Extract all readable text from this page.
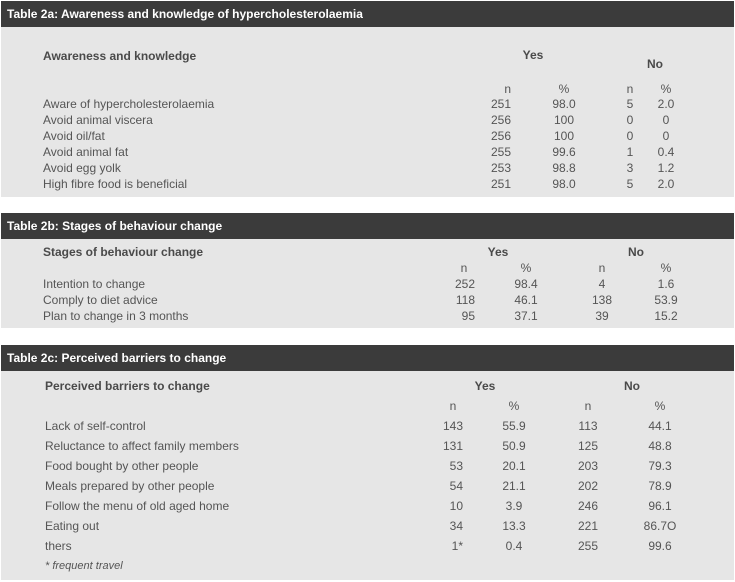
Table 2a: Awareness and knowledge of hypercholesterolaemia
Awareness and knowledge	Yes
No
n	%	n %
Aware of hypercholesterolaemia	251	98.0	5 2.0
Avoid animal viscera	256	100	0 0
Avoid oil/fat	256	100	0 0
Avoid animal fat	255	99.6	1 0.4
Avoid egg yolk	253	98.8	3 1.2
High fibre food is beneficial	251	98.0	5 2.0
Table 2b: Stages of behaviour change
Stages of behaviour change	Yes	No
n	%	n	%
Intention to change	252	98.4	4	1.6
Comply to diet advice	118	46.1	138	53.9
Plan to change in 3 months	95	37.1	39	15.2
Table 2c: Perceived barriers to change
Perceived barriers to change	Yes	No
n	%	n	%
Lack of self-control	143	55.9	113	44.1
Reluctance to affect family members	131	50.9	125	48.8
Food bought by other people	53	20.1	203	79.3
Meals prepared by other people	54	21.1	202	78.9
Follow the menu of old aged home	10	3.9	246	96.1
Eating out	34	13.3	221	86.7O
thers	1*	0.4	255	99.6
* frequent travel
